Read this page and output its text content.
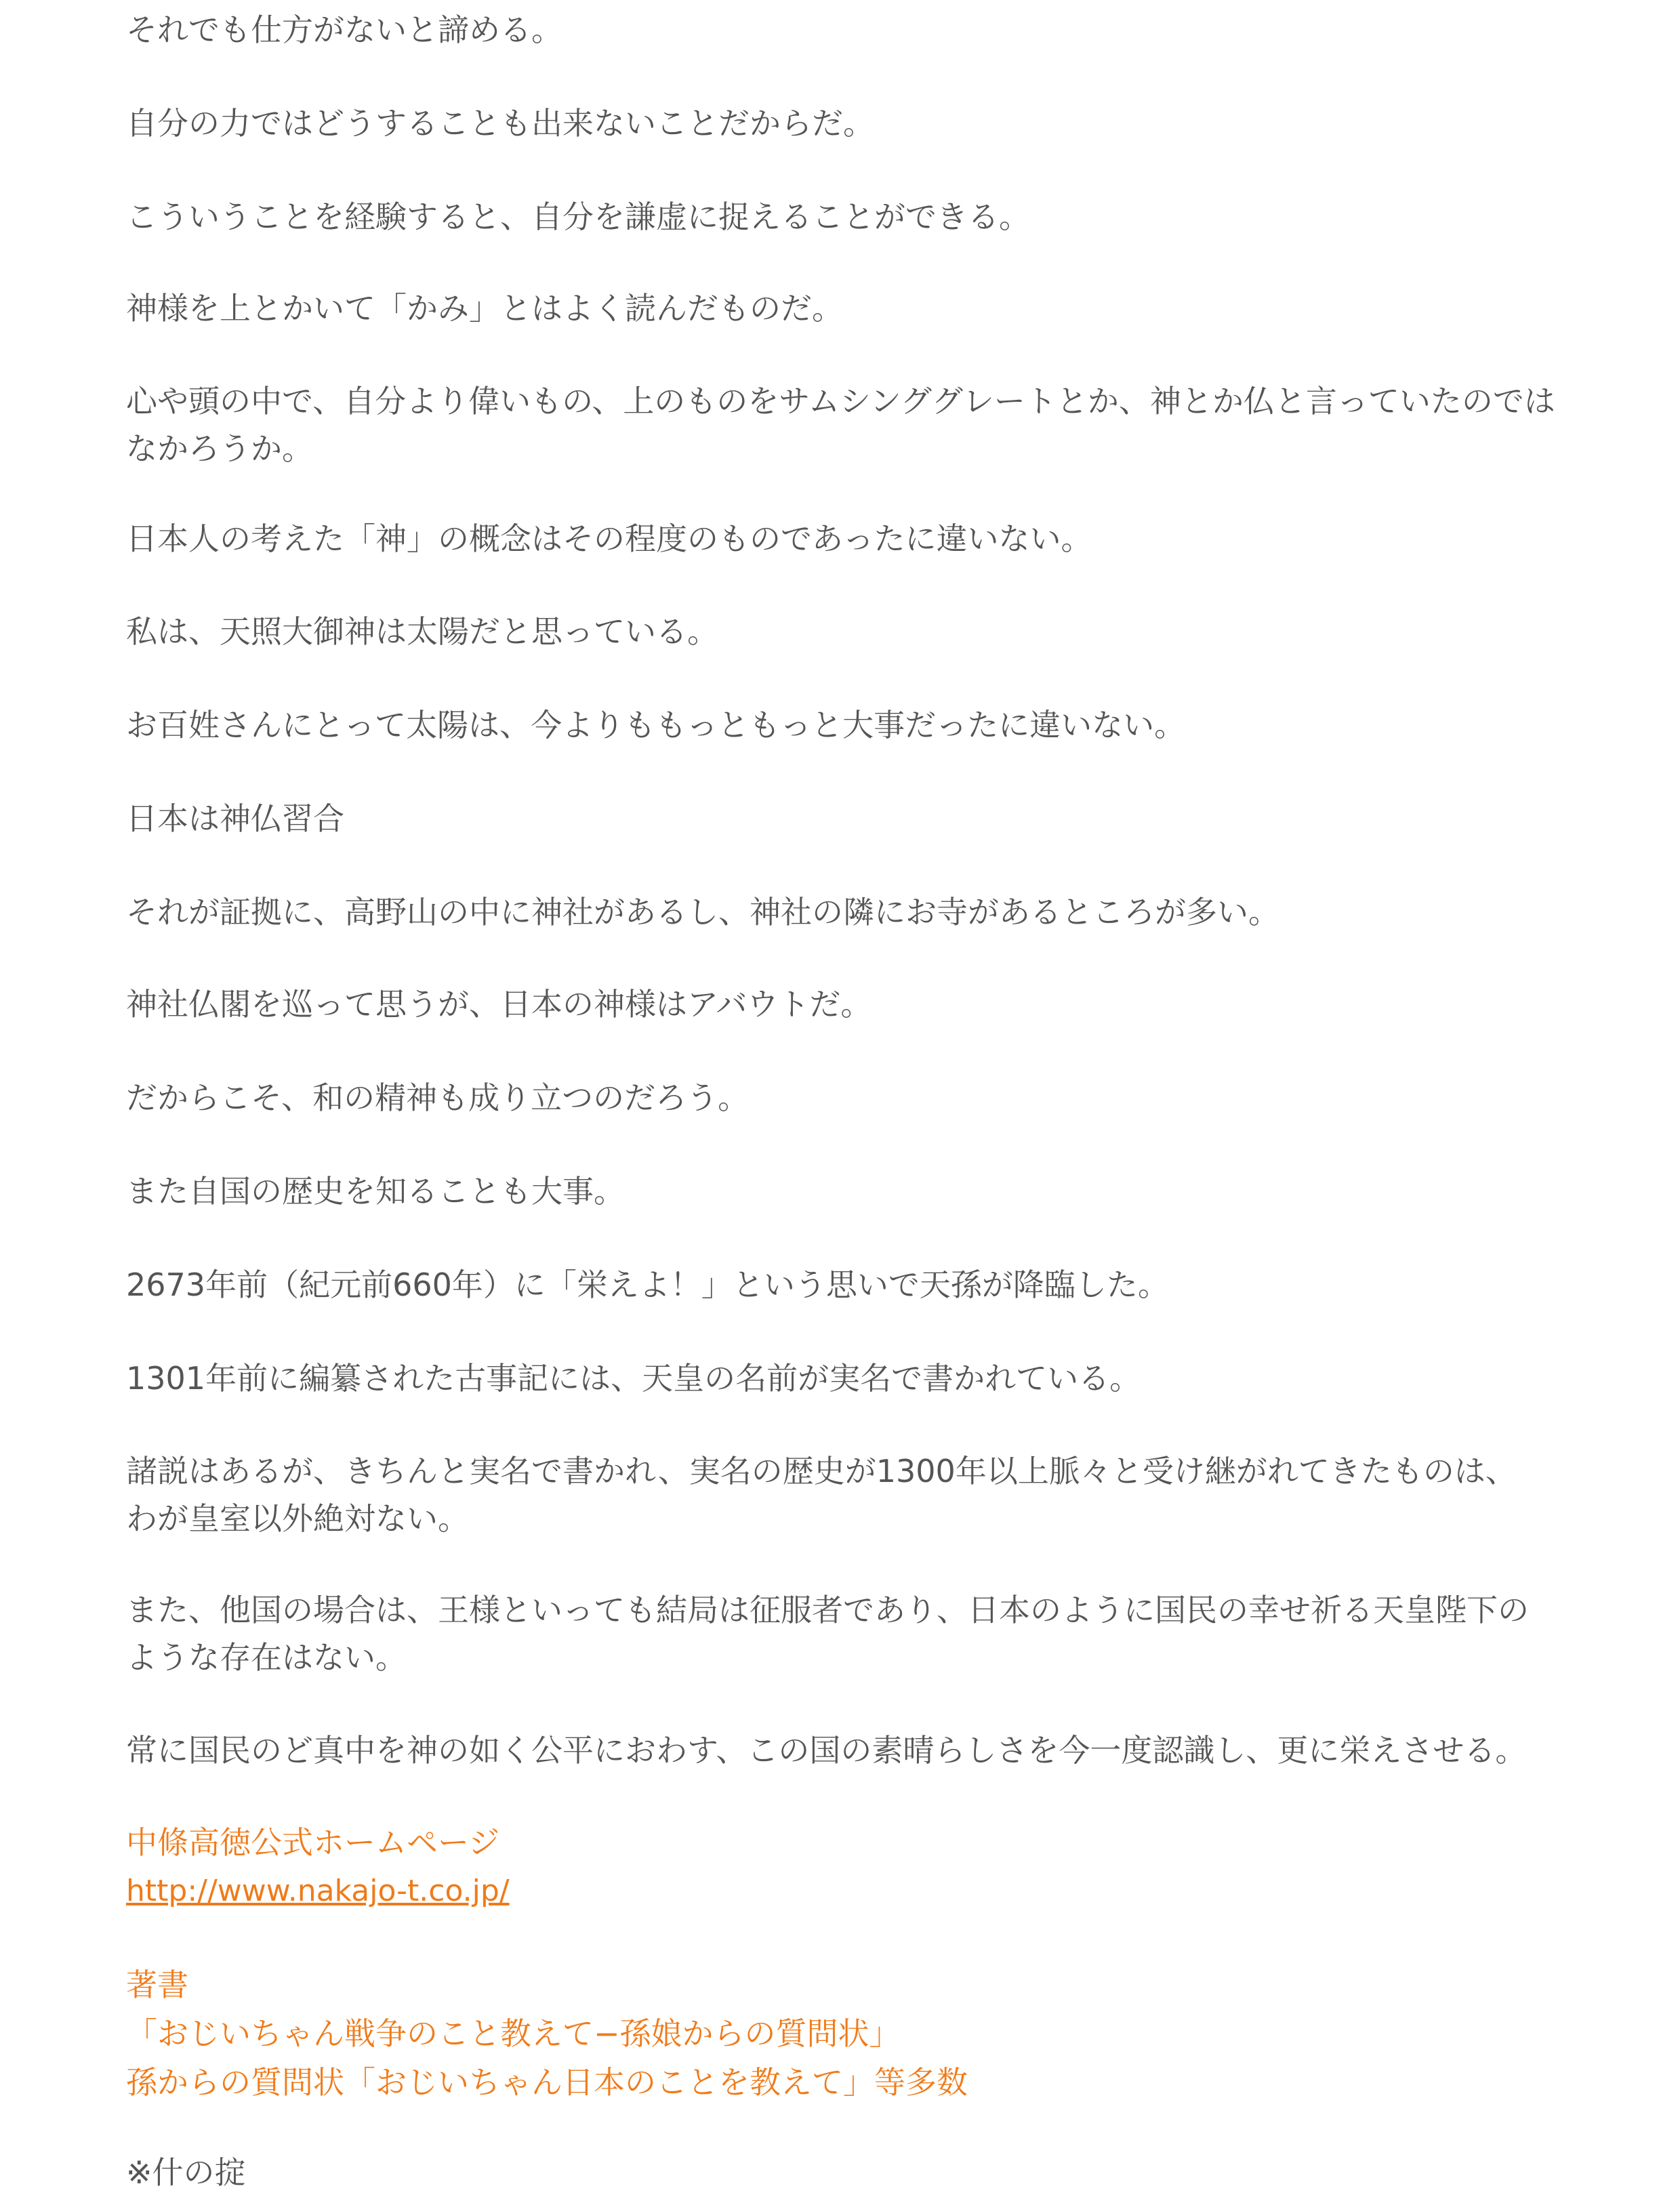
それでも仕方がないと諦める。
自分の力ではどうすることも出来ないことだからだ。
こういうことを経験すると、自分を謙虚に捉えることができる。
神様を上とかいて「かみ」とはよく読んだものだ。
心や頭の中で、自分より偉いもの、上のものをサムシンググレートとか、神とか仏と言っていたのでは
なかろうか。
日本人の考えた「神」の概念はその程度のものであったに違いない。
私は、天照大御神は太陽だと思っている。
お百姓さんにとって太陽は、今よりももっともっと大事だったに違いない。
日本は神仏習合
それが証拠に、高野山の中に神社があるし、神社の隣にお寺があるところが多い。
神社仏閣を巡って思うが、日本の神様はアバウトだ。
だからこそ、和の精神も成り立つのだろう。
また自国の歴史を知ることも大事。
2673年前（紀元前660年）に「栄えよ！」という思いで天孫が降臨した。
1301年前に編纂された古事記には、天皇の名前が実名で書かれている。
諸説はあるが、きちんと実名で書かれ、実名の歴史が1300年以上脈々と受け継がれてきたものは、
わが皇室以外絶対ない。
また、他国の場合は、王様といっても結局は征服者であり、日本のように国民の幸せ祈る天皇陛下の
ような存在はない。
常に国民のど真中を神の如く公平におわす、この国の素晴らしさを今一度認識し、更に栄えさせる。
中條高徳公式ホームページ
http://www.nakajo-t.co.jp/
著書
「おじいちゃん戦争のこと教えて−孫娘からの質問状」
孫からの質問状「おじいちゃん日本のことを教えて」等多数
※什の掟
